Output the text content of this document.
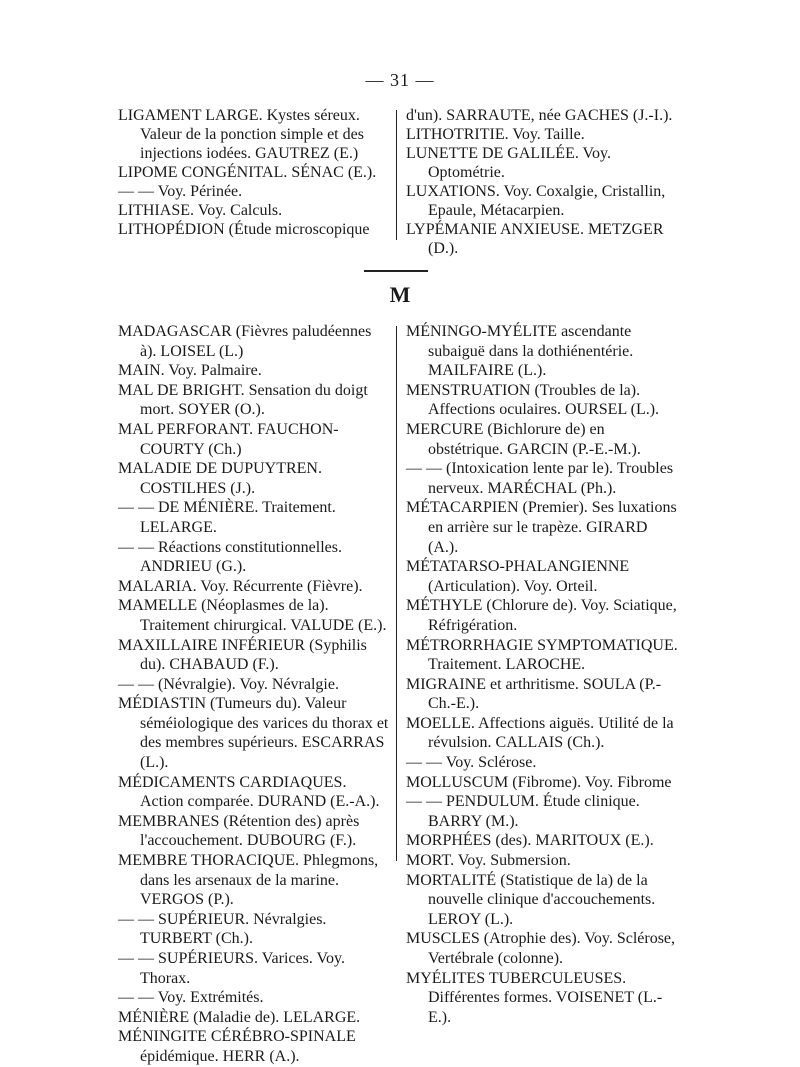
— 31 —
LIGAMENT LARGE. Kystes séreux. Valeur de la ponction simple et des injections iodées. GAUTREZ (E.)
LIPOME CONGÉNITAL. SÉNAC (E.).
— — Voy. Périnée.
LITHIASE. Voy. Calculs.
LITHOPÉDION (Étude microscopique
d'un). SARRAUTE, née GACHES (J.-I.).
LITHOTRITIE. Voy. Taille.
LUNETTE DE GALILÉE. Voy. Optométrie.
LUXATIONS. Voy. Coxalgie, Cristallin, Epaule, Métacarpien.
LYPÉMANIE ANXIEUSE. METZGER (D.).
M
MADAGASCAR (Fièvres paludéennes à). LOISEL (L.)
MAIN. Voy. Palmaire.
MAL DE BRIGHT. Sensation du doigt mort. SOYER (O.).
MAL PERFORANT. FAUCHON-COURTY (Ch.)
MALADIE DE DUPUYTREN. COSTILHES (J.).
— — DE MÉNIÈRE. Traitement. LELARGE.
— — Réactions constitutionnelles. ANDRIEU (G.).
MALARIA. Voy. Récurrente (Fièvre).
MAMELLE (Néoplasmes de la). Traitement chirurgical. VALUDE (E.).
MAXILLAIRE INFÉRIEUR (Syphilis du). CHABAUD (F.).
— — (Névralgie). Voy. Névralgie.
MÉDIASTIN (Tumeurs du). Valeur séméiologique des varices du thorax et des membres supérieurs. ESCARRAS (L.).
MÉDICAMENTS CARDIAQUES. Action comparée. DURAND (E.-A.).
MEMBRANES (Rétention des) après l'accouchement. DUBOURG (F.).
MEMBRE THORACIQUE. Phlegmons, dans les arsenaux de la marine. VERGOS (P.).
— — SUPÉRIEUR. Névralgies. TURBERT (Ch.).
— — SUPÉRIEURS. Varices. Voy. Thorax.
— — Voy. Extrémités.
MÉNIÈRE (Maladie de). LELARGE.
MÉNINGITE CÉRÉBRO-SPINALE épidémique. HERR (A.).
MÉNINGO-MYÉLITE ascendante subaiguë dans la dothiénentérie. MAILFAIRE (L.).
MENSTRUATION (Troubles de la). Affections oculaires. OURSEL (L.).
MERCURE (Bichlorure de) en obstétrique. GARCIN (P.-E.-M.).
— — (Intoxication lente par le). Troubles nerveux. MARÉCHAL (Ph.).
MÉTACARPIEN (Premier). Ses luxations en arrière sur le trapèze. GIRARD (A.).
MÉTATARSO-PHALANGIENNE (Articulation). Voy. Orteil.
MÉTHYLE (Chlorure de). Voy. Sciatique, Réfrigération.
MÉTRORRHAGIE SYMPTOMATIQUE. Traitement. LAROCHE.
MIGRAINE et arthritisme. SOULA (P.-Ch.-E.).
MOELLE. Affections aiguës. Utilité de la révulsion. CALLAIS (Ch.).
— — Voy. Sclérose.
MOLLUSCUM (Fibrome). Voy. Fibrome
— — PENDULUM. Étude clinique. BARRY (M.).
MORPHÉES (des). MARITOUX (E.).
MORT. Voy. Submersion.
MORTALITÉ (Statistique de la) de la nouvelle clinique d'accouchements. LEROY (L.).
MUSCLES (Atrophie des). Voy. Sclérose, Vertébrale (colonne).
MYÉLITES TUBERCULEUSES. Différentes formes. VOISENET (L.-E.).
